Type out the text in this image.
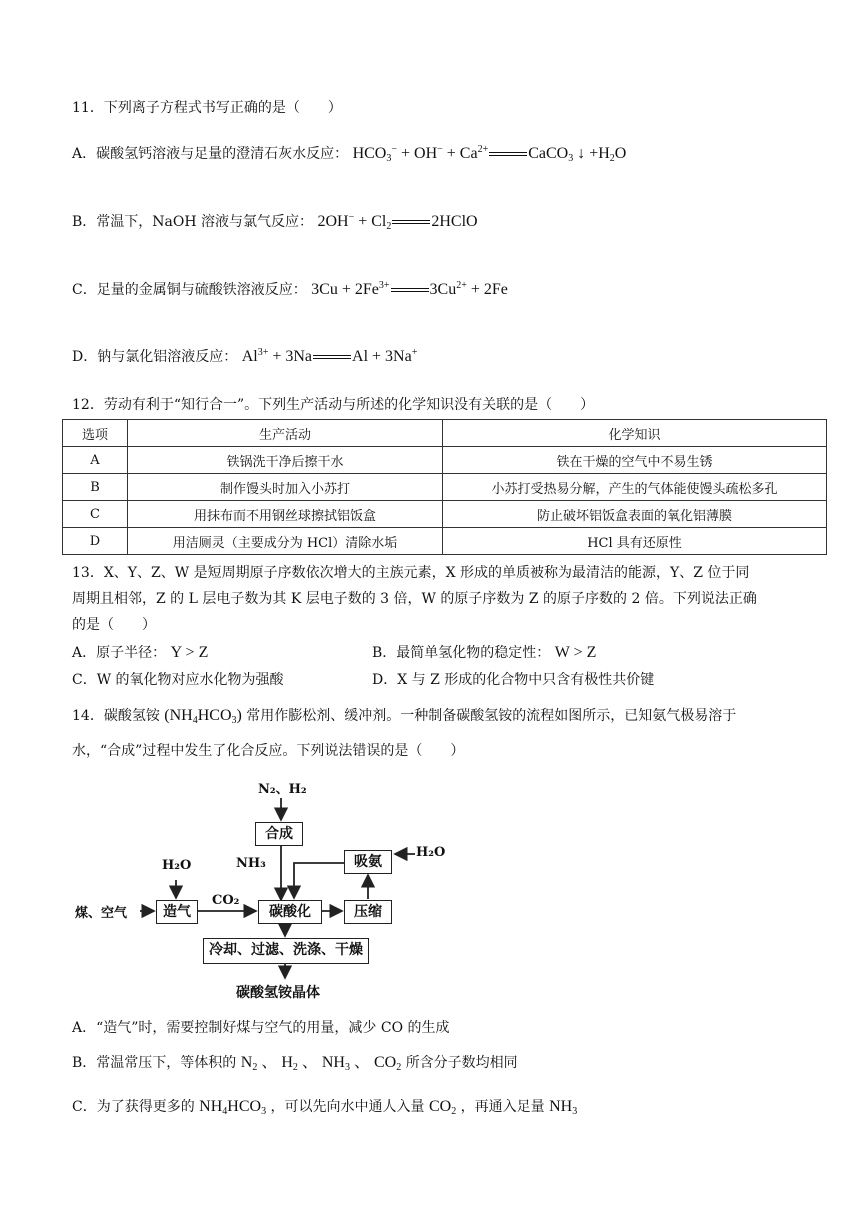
11．下列离子方程式书写正确的是（　　）
A．碳酸氢钙溶液与足量的澄清石灰水反应： $HCO_3^- + OH^- + Ca^{2+}$	CaCO$_3$ ↓ $+H_2O$
B．常温下，NaOH 溶液与氯气反应： $2OH^- + Cl_2$	2HClO
C．足量的金属铜与硫酸铁溶液反应： $3Cu + 2Fe^{3+}$	$3Cu^{2+} + 2Fe$
D．钠与氯化铝溶液反应： $Al^{3+} + 3Na$	Al + 3Na+
12．劳动有利于“知行合一”。下列生产活动与所述的化学知识没有关联的是（　　）
选项	生产活动	化学知识
A	铁锅洗干净后擦干水	铁在干燥的空气中不易生锈
B	制作馒头时加入小苏打	小苏打受热易分解，产生的气体能使馒头疏松多孔
C	用抹布而不用钢丝球擦拭铝饭盒	防止破坏铝饭盒表面的氧化铝薄膜
D	用洁厕灵（主要成分为 HCl）清除水垢	HCl 具有还原性
13．X、Y、Z、W 是短周期原子序数依次增大的主族元素，X 形成的单质被称为最清洁的能源，Y、Z 位于同
周期且相邻，Z 的 L 层电子数为其 K 层电子数的 3 倍，W 的原子序数为 Z 的原子序数的 2 倍。下列说法正确
的是（　　）
A．原子半径： Y > Z	B．最简单氢化物的稳定性： W > Z
C．W 的氧化物对应水化物为强酸	D．X 与 Z 形成的化合物中只含有极性共价键
14．碳酸氢铵 $(NH_4HCO_3)$ 常用作膨松剂、缓冲剂。一种制备碳酸氢铵的流程如图所示，已知氨气极易溶于
水，“合成”过程中发生了化合反应。下列说法错误的是（　　）
N₂、H₂
合成
NH₃	吸氨
H₂O
H₂O
煤、空气	造气
CO₂
碳酸化	压缩
冷却、过滤、洗涤、干燥
碳酸氢铵晶体
A．“造气”时，需要控制好煤与空气的用量，减少 CO 的生成
B．常温常压下，等体积的 $N_2$ 、 $H_2$ 、 $NH_3$ 、 $CO_2$ 所含分子数均相同
C．为了获得更多的 $NH_4HCO_3$ ，可以先向水中通人入量 $CO_2$ ，再通入足量 $NH_3$
